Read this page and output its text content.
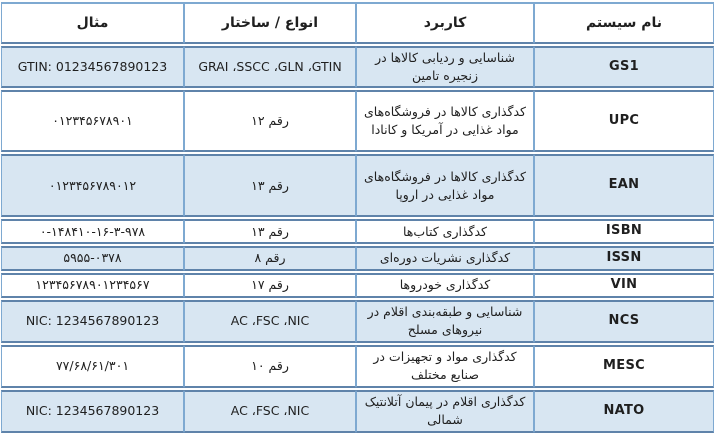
نام سیستم	کاربرد	انواع / ساختار	مثال
GS1	شناسایی و ردیابی کالاها در زنجیره تامین	GRAI ،SSCC ،GLN ،GTIN	GTIN: 01234567890123
UPC	کدگذاری کالاها در فروشگاه‌های مواد غذایی در آمریکا و کانادا	۱۲ رقم	۰۱۲۳۴۵۶۷۸۹۰۱
EAN	کدگذاری کالاها در فروشگاه‌های مواد غذایی در اروپا	۱۳ رقم	۰۱۲۳۴۵۶۷۸۹۰۱۲
ISBN	کدگذاری کتاب‌ها	۱۳ رقم	۰-۱۴۸۴۱۰-۱۶-۳-۹۷۸
ISSN	کدگذاری نشریات دوره‌ای	۸ رقم	۵۹۵۵-۰۳۷۸
VIN	کدگذاری خودروها	۱۷ رقم	۱۲۳۴۵۶۷۸۹۰۱۲۳۴۵۶۷
NCS	شناسایی و طبقه‌بندی اقلام در نیروهای مسلح	AC ،FSC ،NIC	NIC: 1234567890123
MESC	کدگذاری مواد و تجهیزات در صنایع مختلف	۱۰ رقم	۷۷/۶۸/۶۱/۳۰۱
NATO	کدگذاری اقلام در پیمان آتلانتیک شمالی	AC ،FSC ،NIC	NIC: 1234567890123
